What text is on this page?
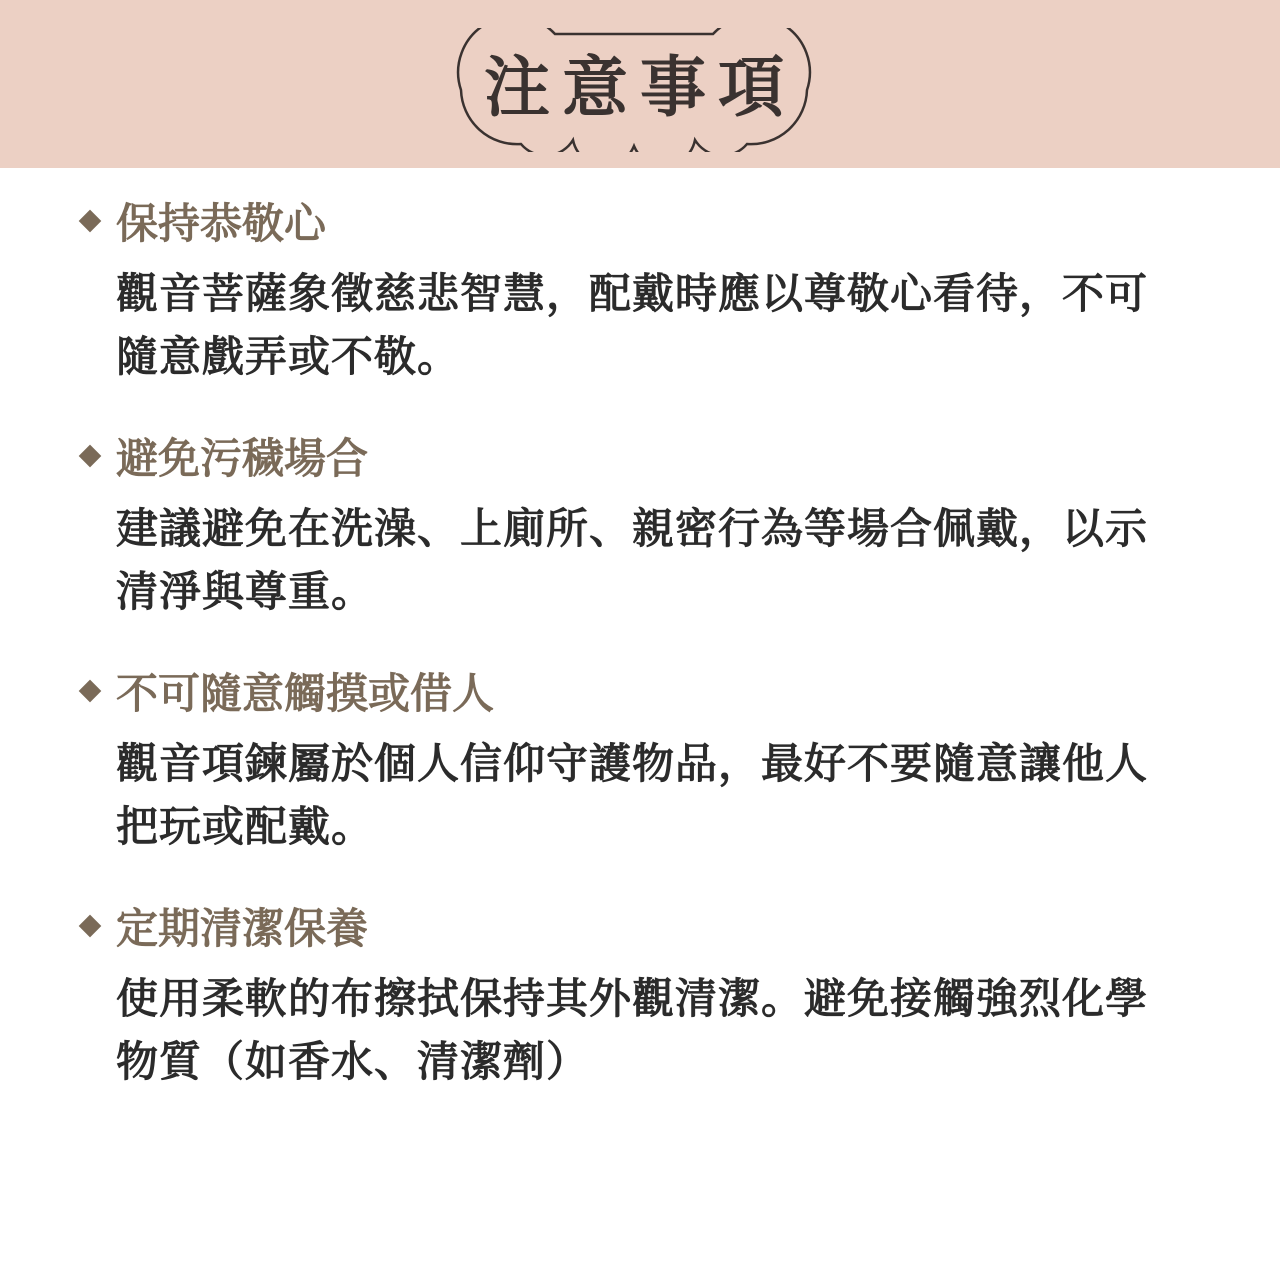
注意事項
保持恭敬心
觀音菩薩象徵慈悲智慧，配戴時應以尊敬心看待，不可
隨意戲弄或不敬。
避免污穢場合
建議避免在洗澡、上廁所、親密行為等場合佩戴，以示
清淨與尊重。
不可隨意觸摸或借人
觀音項鍊屬於個人信仰守護物品，最好不要隨意讓他人
把玩或配戴。
定期清潔保養
使用柔軟的布擦拭保持其外觀清潔。避免接觸強烈化學
物質（如香水、清潔劑）
